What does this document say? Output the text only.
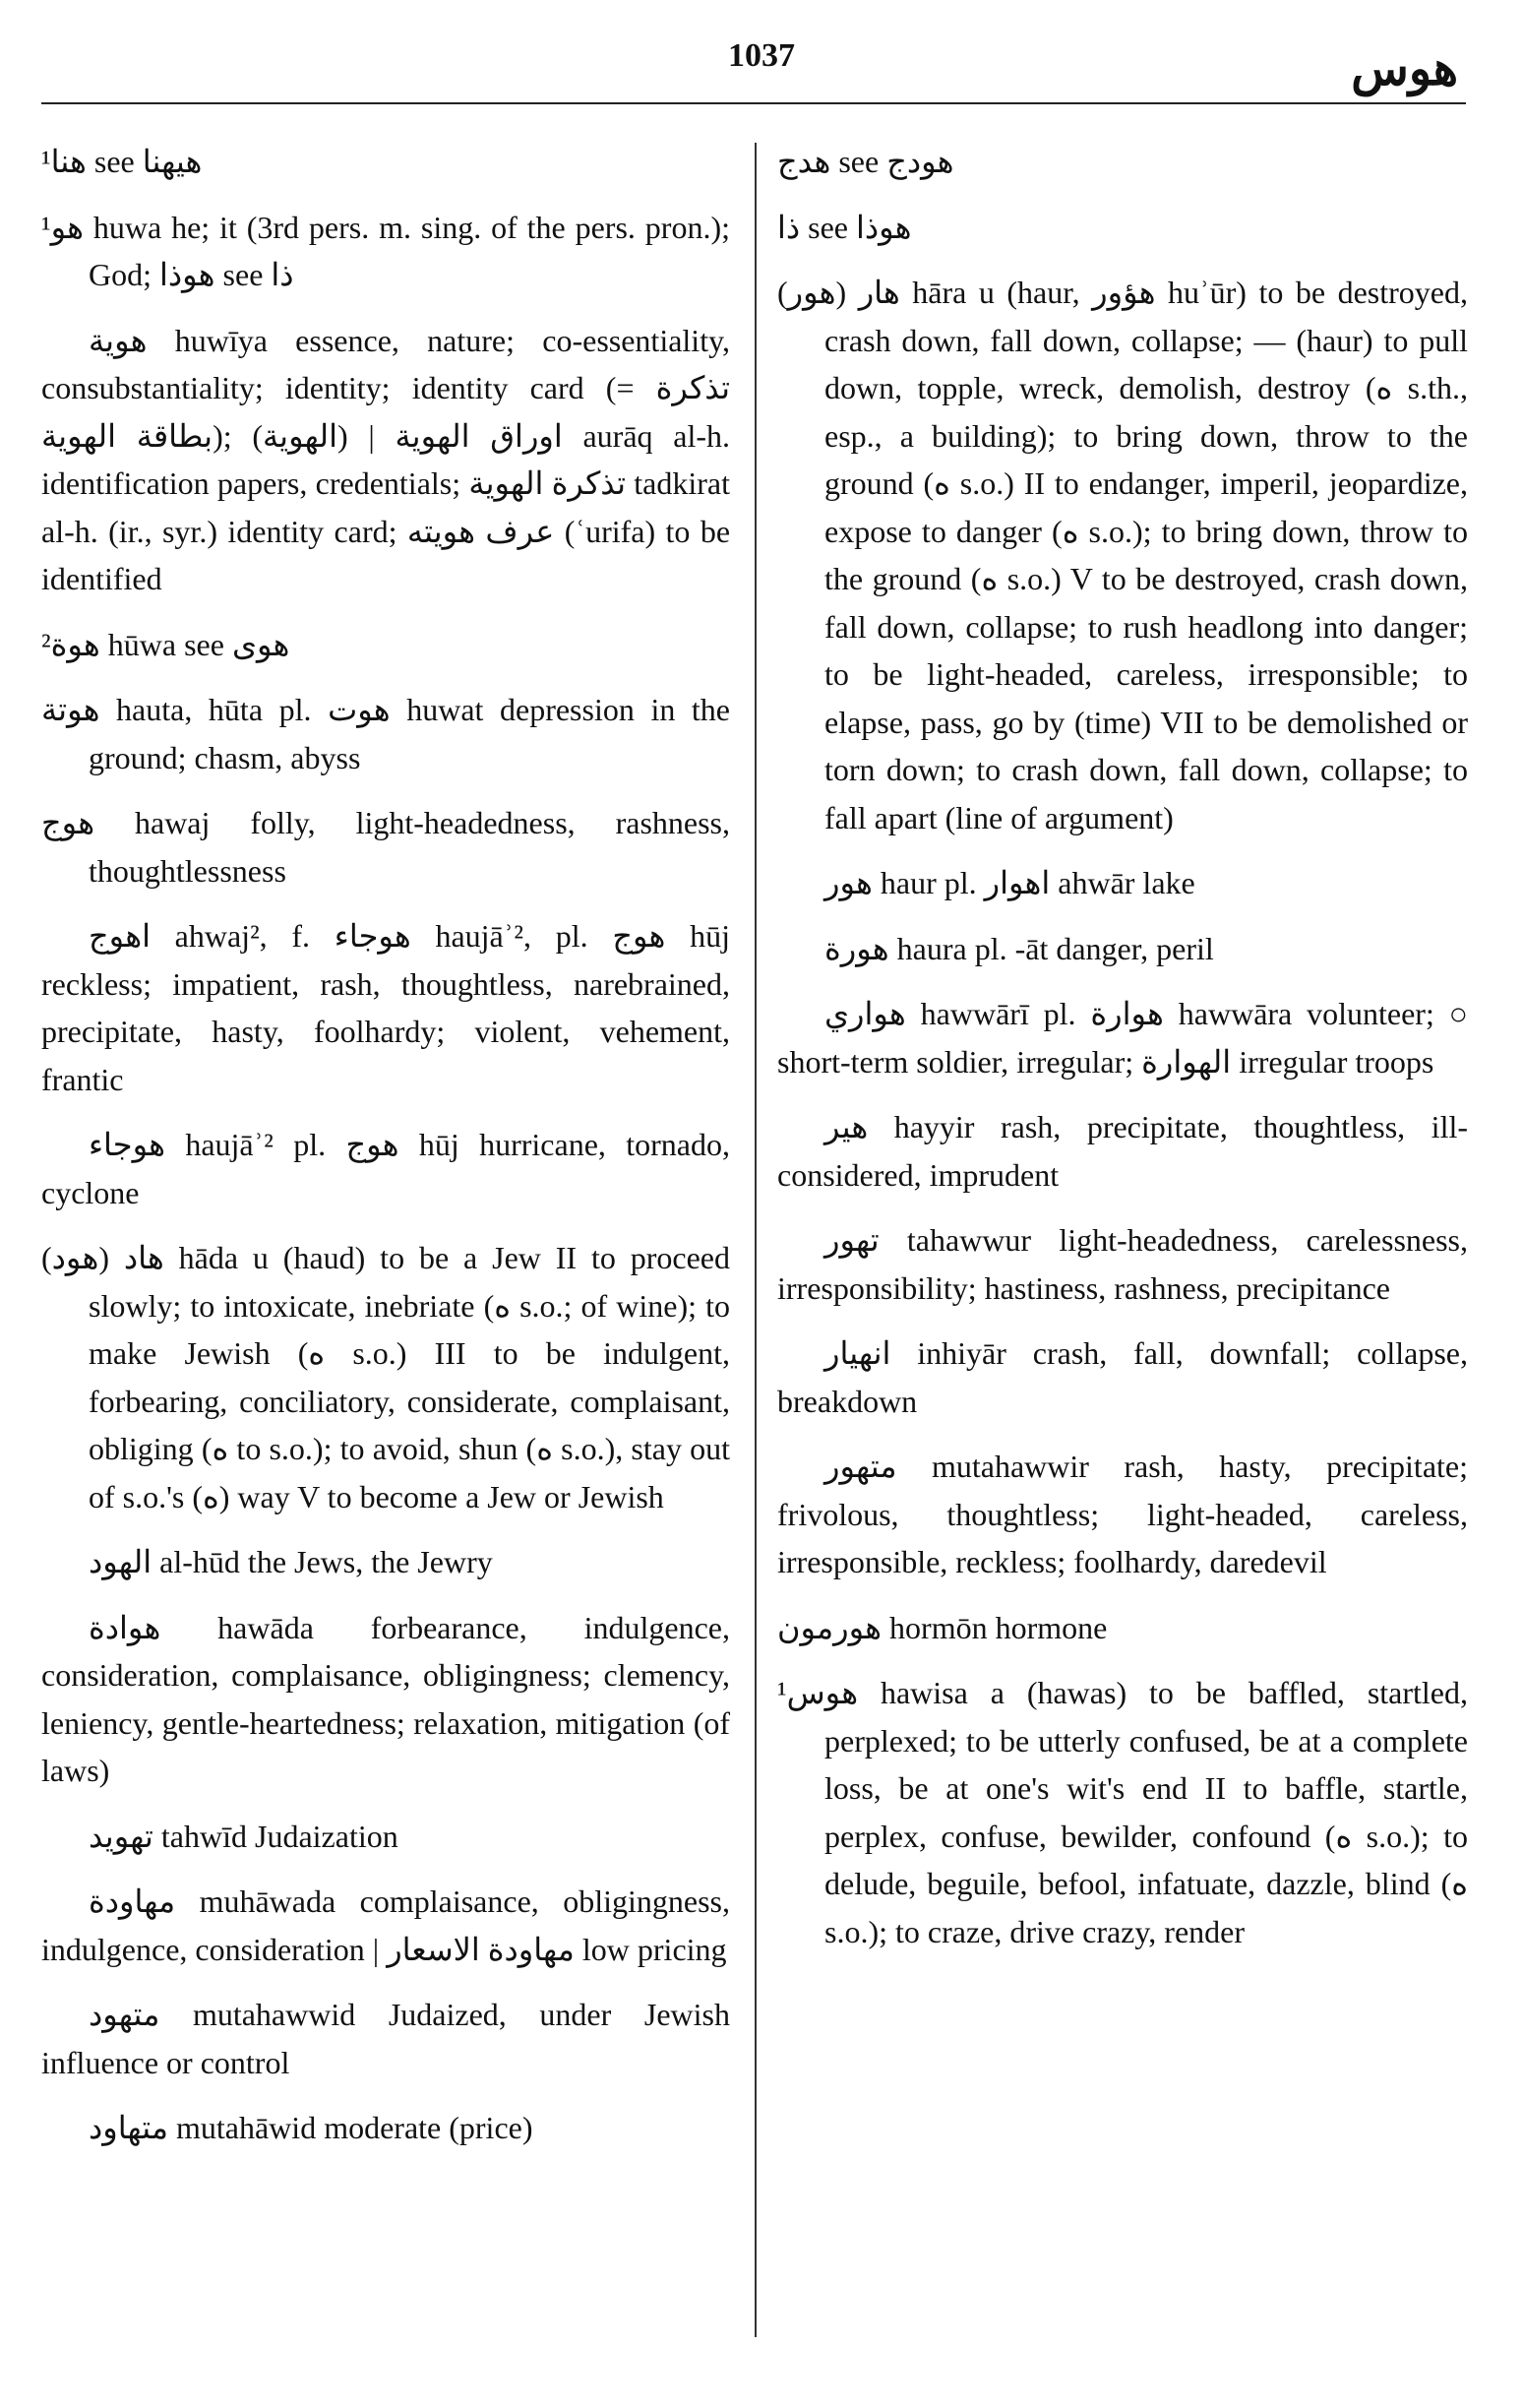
1037	هوس

هنا¹ see هيهنا

¹هو huwa he; it (3rd pers. m. sing. of the pers. pron.); God; هوذا see ذا

هوية huwīya essence, nature; co-essentiality, consubstantiality; identity; identity card (= تذكرة بطاقة الهوية); اوراق الهوية | (الهوية) aurāq al-h. identification papers, credentials; تذكرة الهوية tadkirat al-h. (ir., syr.) identity card; عرف هويته (ʿurifa) to be identified

²هوة hūwa see هوى

هوتة hauta, hūta pl. هوت huwat depression in the ground; chasm, abyss

هوج hawaj folly, light-headedness, rashness, thoughtlessness

اهوج ahwaj², f. هوجاء haujāʾ², pl. هوج hūj reckless; impatient, rash, thoughtless, narebrained, precipitate, hasty, foolhardy; violent, vehement, frantic

هوجاء haujāʾ² pl. هوج hūj hurricane, tornado, cyclone

(هود) هاد hāda u (haud) to be a Jew II to proceed slowly; to intoxicate, inebriate (ه s.o.; of wine); to make Jewish (ه s.o.) III to be indulgent, forbearing, conciliatory, considerate, complaisant, obliging (ه to s.o.); to avoid, shun (ه s.o.), stay out of s.o.'s (ه) way V to become a Jew or Jewish

الهود al-hūd the Jews, the Jewry

هوادة hawāda forbearance, indulgence, consideration, complaisance, obligingness; clemency, leniency, gentle-heartedness; relaxation, mitigation (of laws)

تهويد tahwīd Judaization

مهاودة muhāwada complaisance, obligingness, indulgence, consideration | مهاودة الاسعار low pricing

متهود mutahawwid Judaized, under Jewish influence or control

متهاود mutahāwid moderate (price)

هدج see هودج

ذا see هوذا

(هور) هار hāra u (haur, هؤور huʾūr) to be destroyed, crash down, fall down, collapse; — (haur) to pull down, topple, wreck, demolish, destroy (ه s.th., esp., a building); to bring down, throw to the ground (ه s.o.) II to endanger, imperil, jeopardize, expose to danger (ه s.o.); to bring down, throw to the ground (ه s.o.) V to be destroyed, crash down, fall down, collapse; to rush headlong into danger; to be light-headed, careless, irresponsible; to elapse, pass, go by (time) VII to be demolished or torn down; to crash down, fall down, collapse; to fall apart (line of argument)

هور haur pl. اهوار ahwār lake

هورة haura pl. -āt danger, peril

هواري hawwārī pl. هوارة hawwāra volunteer; ○ short-term soldier, irregular; الهوارة irregular troops

هير hayyir rash, precipitate, thoughtless, ill-considered, imprudent

تهور tahawwur light-headedness, carelessness, irresponsibility; hastiness, rashness, precipitance

انهيار inhiyār crash, fall, downfall; collapse, breakdown

متهور mutahawwir rash, hasty, precipitate; frivolous, thoughtless; light-headed, careless, irresponsible, reckless; foolhardy, daredevil

هورمون hormōn hormone

¹هوس hawisa a (hawas) to be baffled, startled, perplexed; to be utterly confused, be at a complete loss, be at one's wit's end II to baffle, startle, perplex, confuse, bewilder, confound (ه s.o.); to delude, beguile, befool, infatuate, dazzle, blind (ه s.o.); to craze, drive crazy, render
